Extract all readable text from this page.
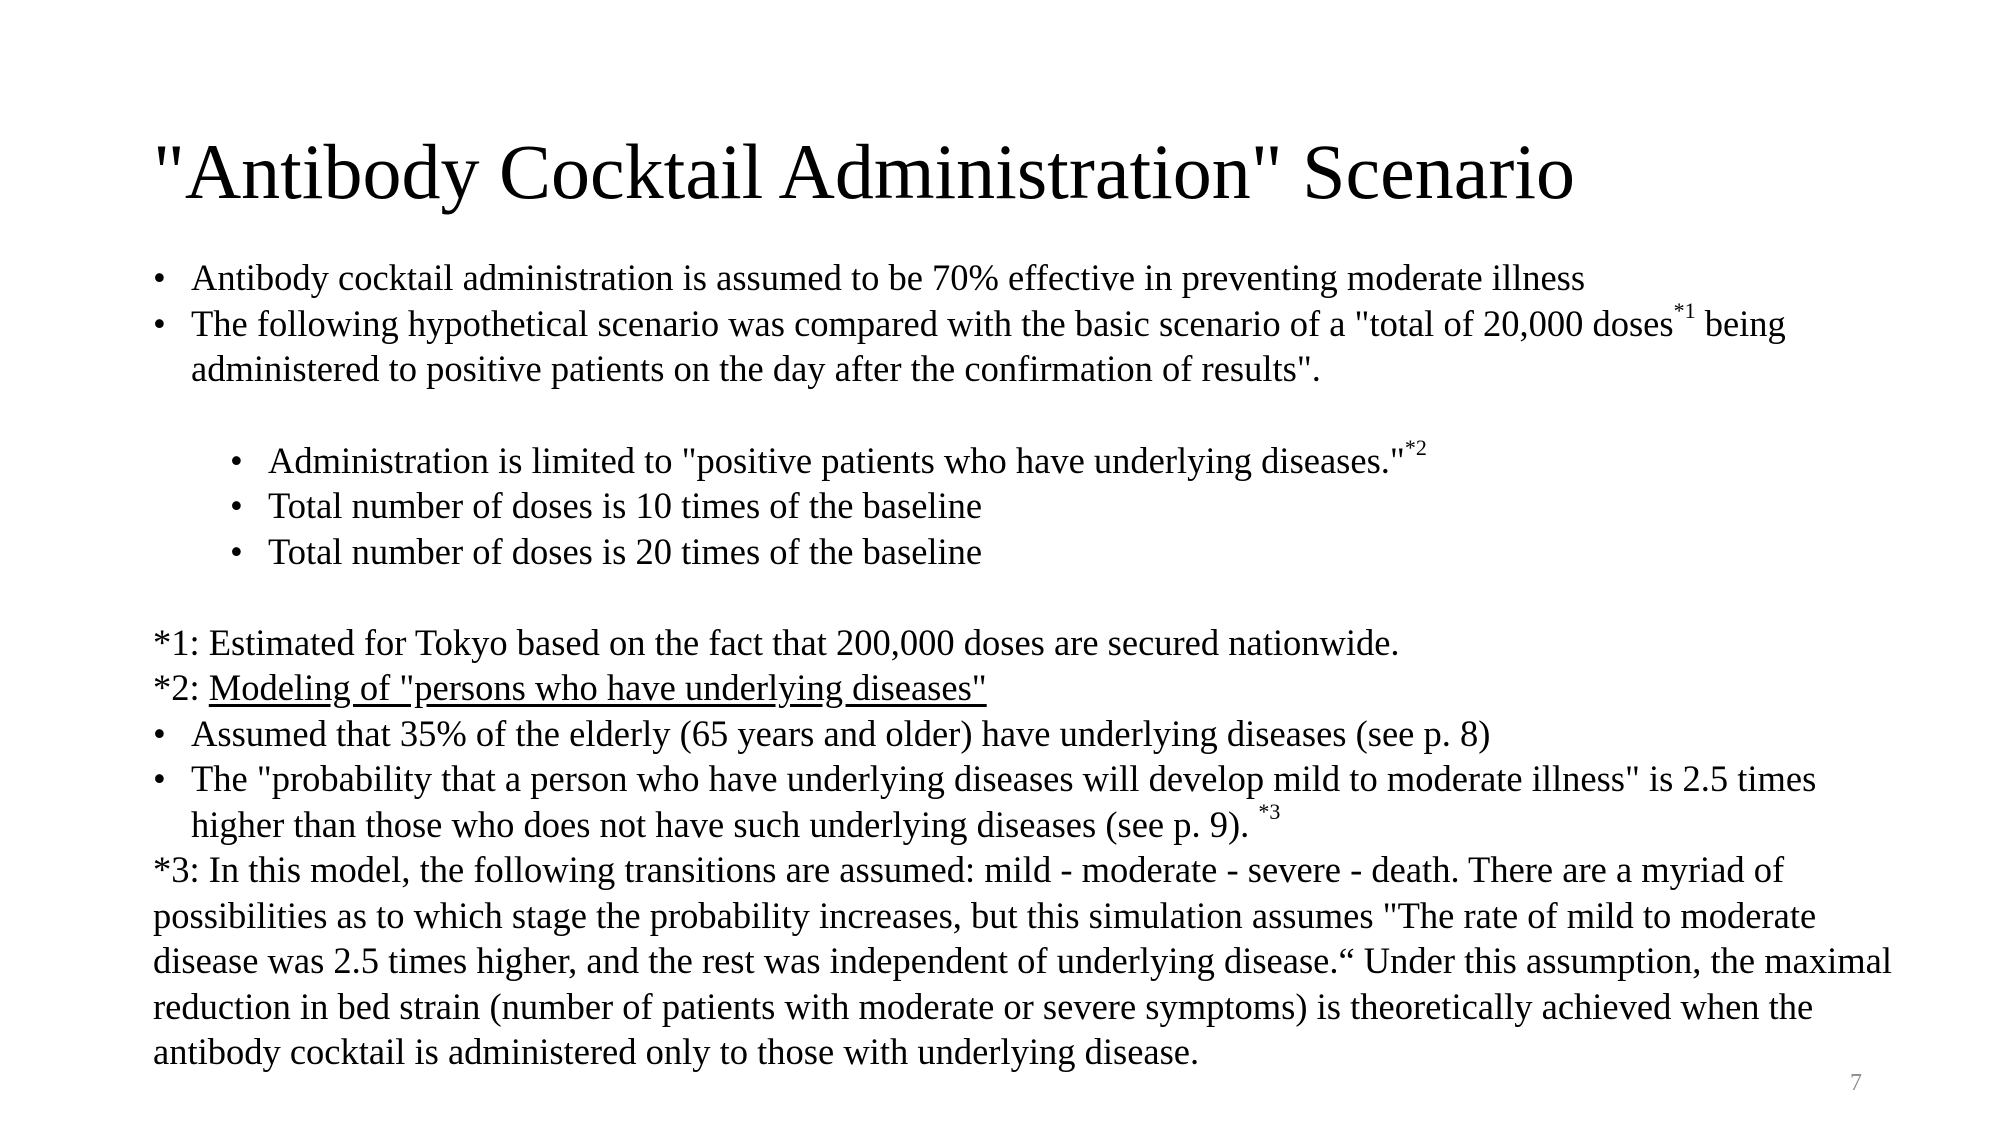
"Antibody Cocktail Administration" Scenario
• Antibody cocktail administration is assumed to be 70% effective in preventing moderate illness
• The following hypothetical scenario was compared with the basic scenario of a "total of 20,000 doses$^{*1}$ being administered to positive patients on the day after the confirmation of results".
• Administration is limited to "positive patients who have underlying diseases."$^{*2}$
• Total number of doses is 10 times of the baseline
• Total number of doses is 20 times of the baseline
*1: Estimated for Tokyo based on the fact that 200,000 doses are secured nationwide.
*2: Modeling of "persons who have underlying diseases"
• Assumed that 35% of the elderly (65 years and older) have underlying diseases (see p. 8)
• The "probability that a person who have underlying diseases will develop mild to moderate illness" is 2.5 times higher than those who does not have such underlying diseases (see p. 9). $^{*3}$
*3: In this model, the following transitions are assumed: mild - moderate - severe - death. There are a myriad of possibilities as to which stage the probability increases, but this simulation assumes "The rate of mild to moderate disease was 2.5 times higher, and the rest was independent of underlying disease.“ Under this assumption, the maximal reduction in bed strain (number of patients with moderate or severe symptoms) is theoretically achieved when the antibody cocktail is administered only to those with underlying disease.
7
